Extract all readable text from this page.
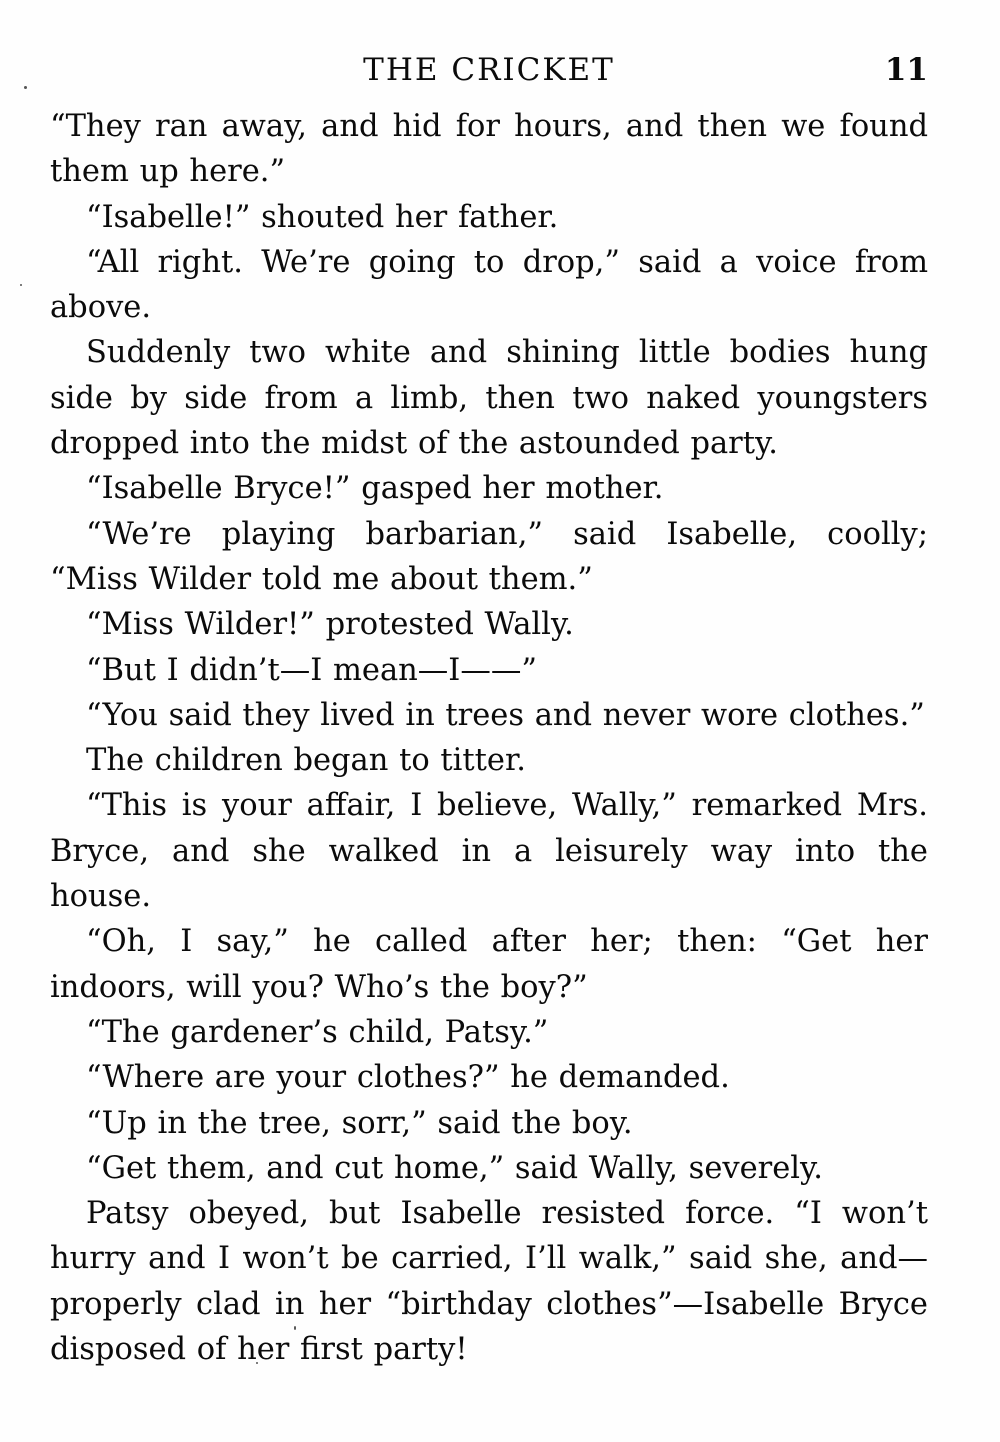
THE CRICKET	11

“They ran away, and hid for hours, and then we found them up here.”

“Isabelle!” shouted her father.

“All right. We’re going to drop,” said a voice from above.

Suddenly two white and shining little bodies hung side by side from a limb, then two naked youngsters dropped into the midst of the astounded party.

“Isabelle Bryce!” gasped her mother.

“We’re playing barbarian,” said Isabelle, coolly; “Miss Wilder told me about them.”

“Miss Wilder!” protested Wally.

“But I didn’t—I mean—I——”

“You said they lived in trees and never wore clothes.”

The children began to titter.

“This is your affair, I believe, Wally,” remarked Mrs. Bryce, and she walked in a leisurely way into the house.

“Oh, I say,” he called after her; then: “Get her indoors, will you? Who’s the boy?”

“The gardener’s child, Patsy.”

“Where are your clothes?” he demanded.

“Up in the tree, sorr,” said the boy.

“Get them, and cut home,” said Wally, severely.

Patsy obeyed, but Isabelle resisted force. “I won’t hurry and I won’t be carried, I’ll walk,” said she, and—properly clad in her “birthday clothes”—Isabelle Bryce disposed of her first party!
